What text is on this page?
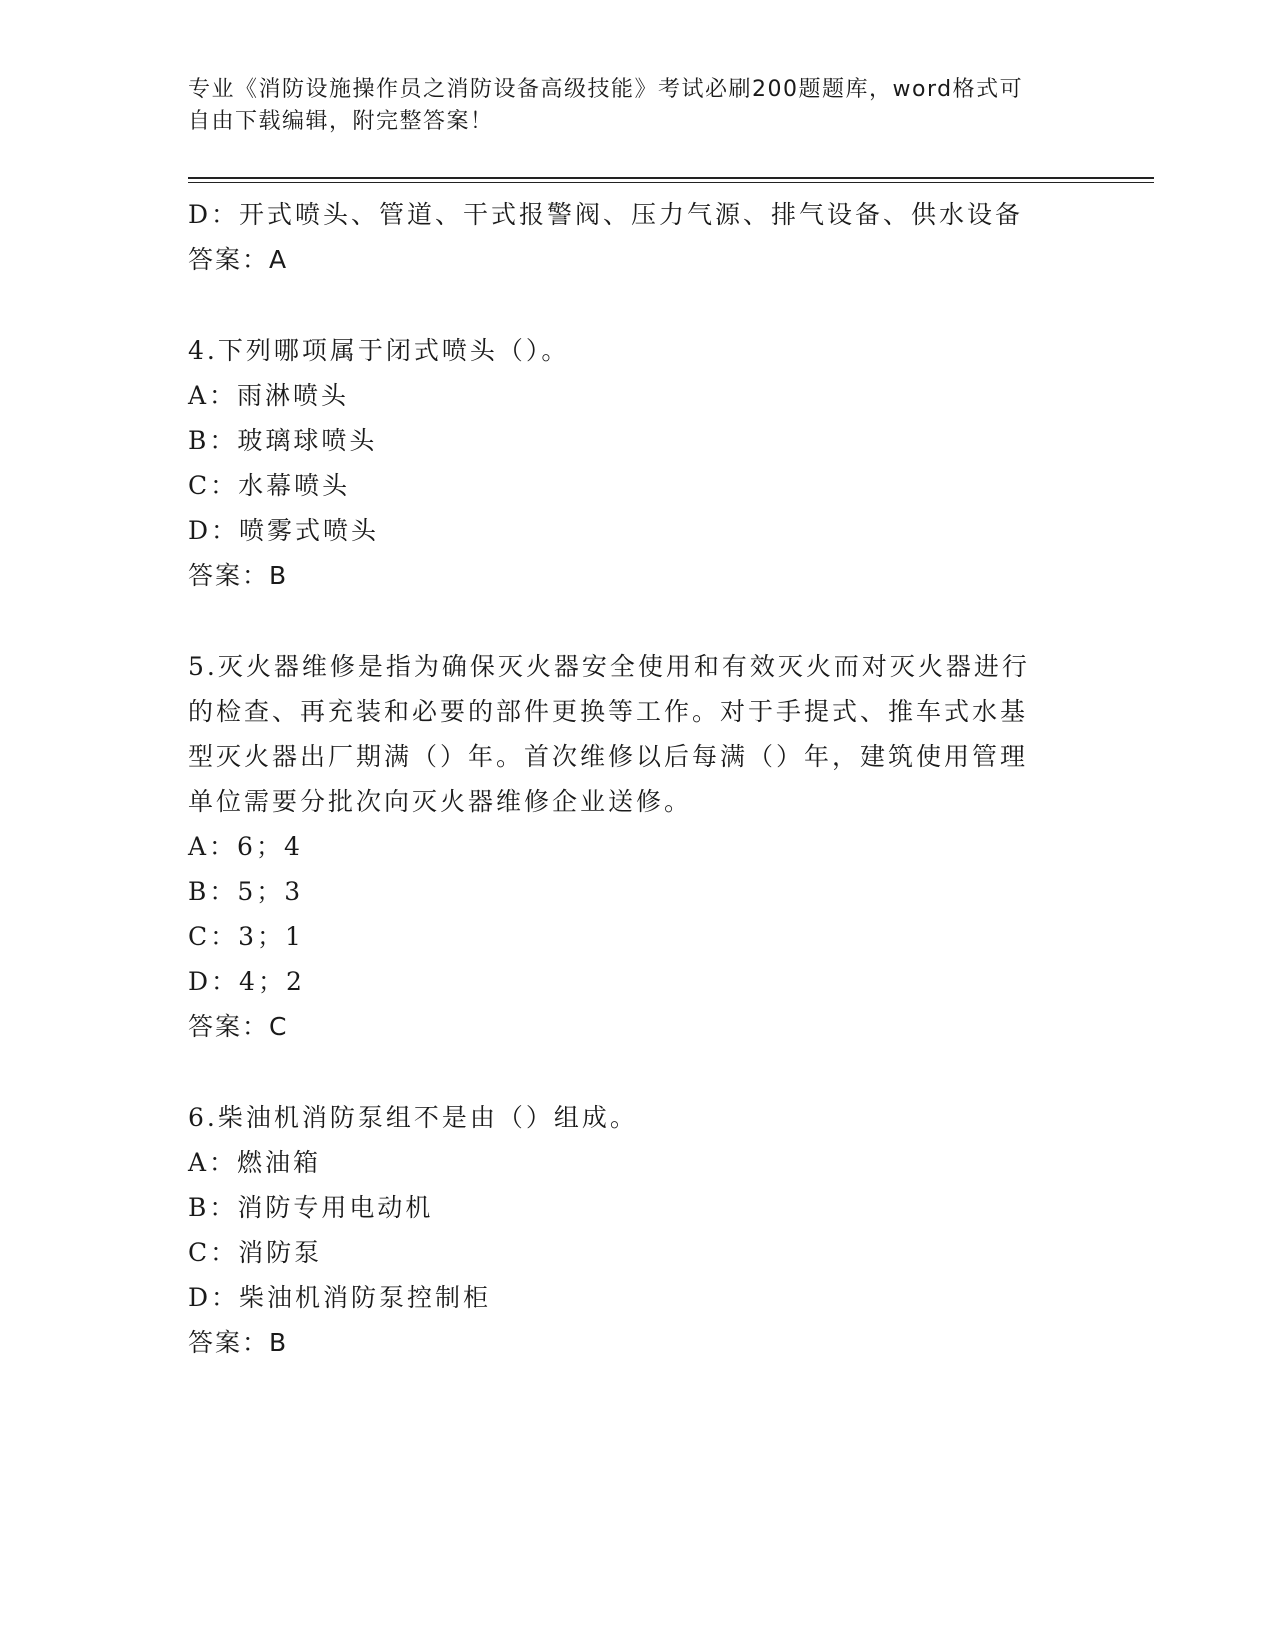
专业《消防设施操作员之消防设备高级技能》考试必刷200题题库，word格式可
自由下载编辑，附完整答案！
D：开式喷头、管道、干式报警阀、压力气源、排气设备、供水设备
答案：A
4.下列哪项属于闭式喷头（）。
A：雨淋喷头
B：玻璃球喷头
C：水幕喷头
D：喷雾式喷头
答案：B
5.灭火器维修是指为确保灭火器安全使用和有效灭火而对灭火器进行
的检查、再充装和必要的部件更换等工作。对于手提式、推车式水基
型灭火器出厂期满（）年。首次维修以后每满（）年，建筑使用管理
单位需要分批次向灭火器维修企业送修。
A：6；4
B：5；3
C：3；1
D：4；2
答案：C
6.柴油机消防泵组不是由（）组成。
A：燃油箱
B：消防专用电动机
C：消防泵
D：柴油机消防泵控制柜
答案：B
